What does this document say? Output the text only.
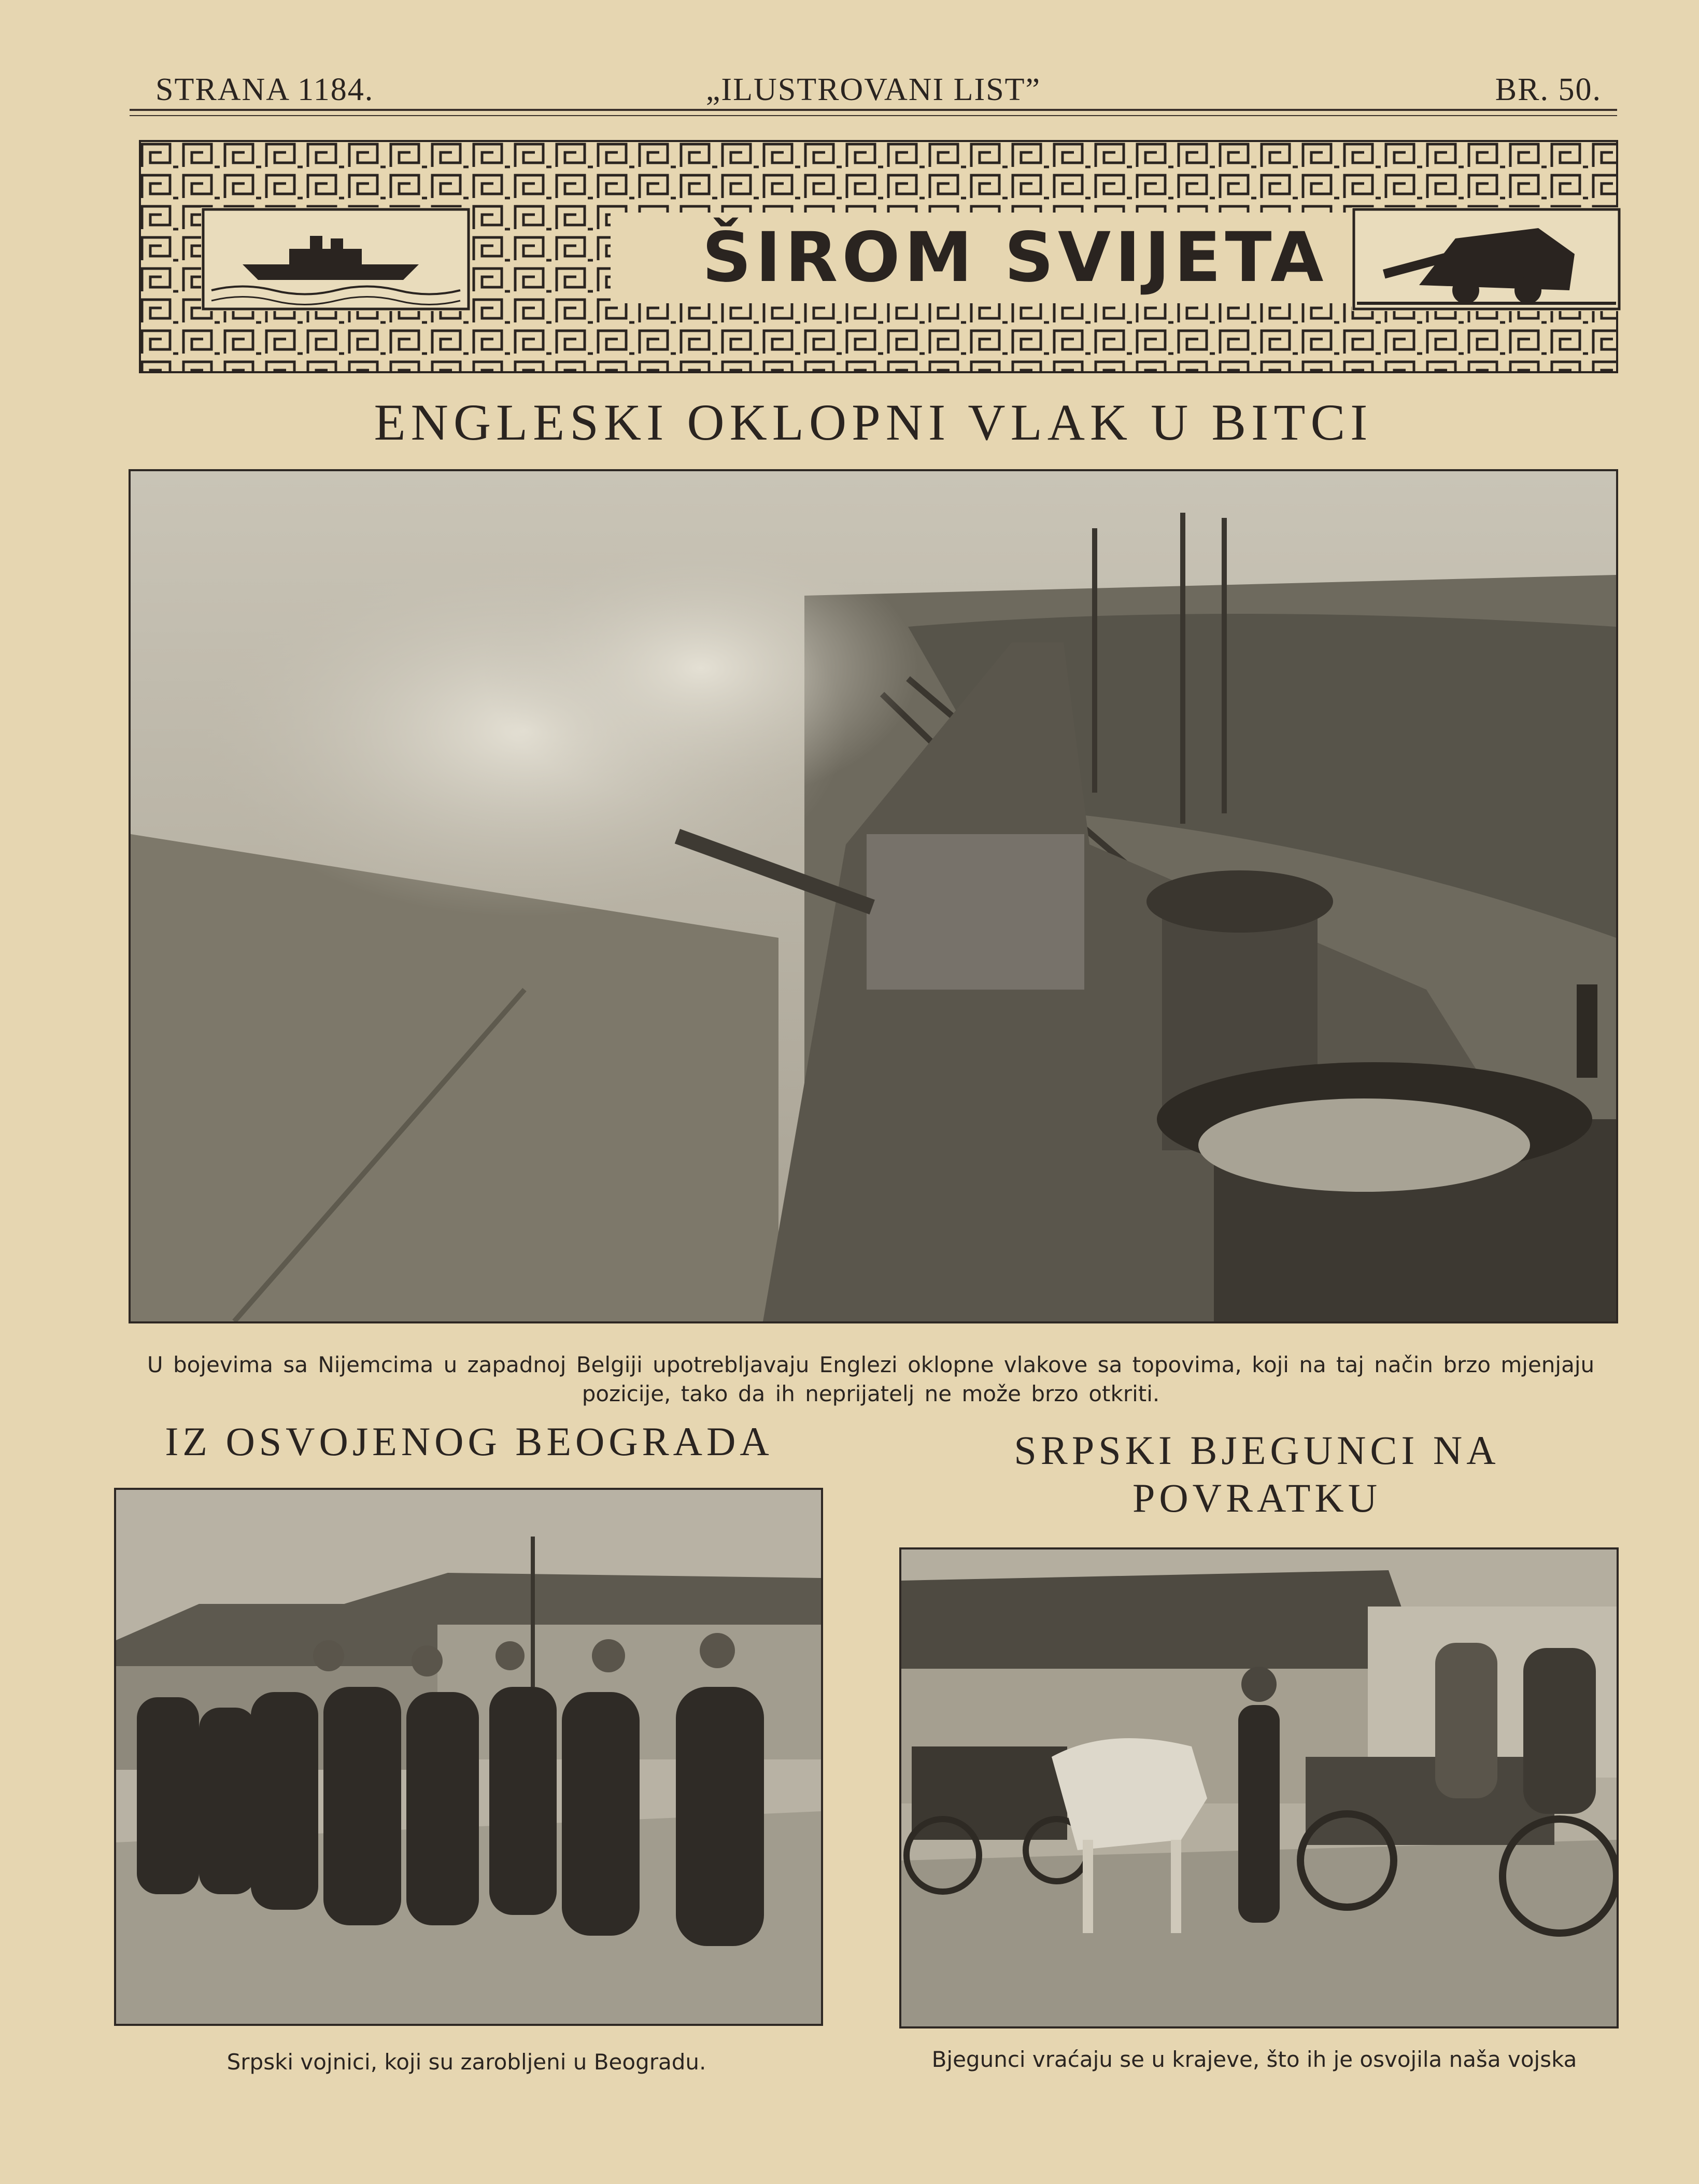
STRANA 1184.	„ILUSTROVANI LIST”	BR. 50.
ŠIROM SVIJETA
ENGLESKI OKLOPNI VLAK U BITCI
U bojevima sa Nijemcima u zapadnoj Belgiji upotrebljavaju Englezi oklopne vlakove sa topovima, koji na taj način brzo mjenjaju pozicije, tako da ih neprijatelj ne može brzo otkriti.
IZ OSVOJENOG BEOGRADA	SRPSKI BJEGUNCI NA POVRATKU
Srpski vojnici, koji su zarobljeni u Beogradu.	Bjegunci vraćaju se u krajeve, što ih je osvojila naša vojska
